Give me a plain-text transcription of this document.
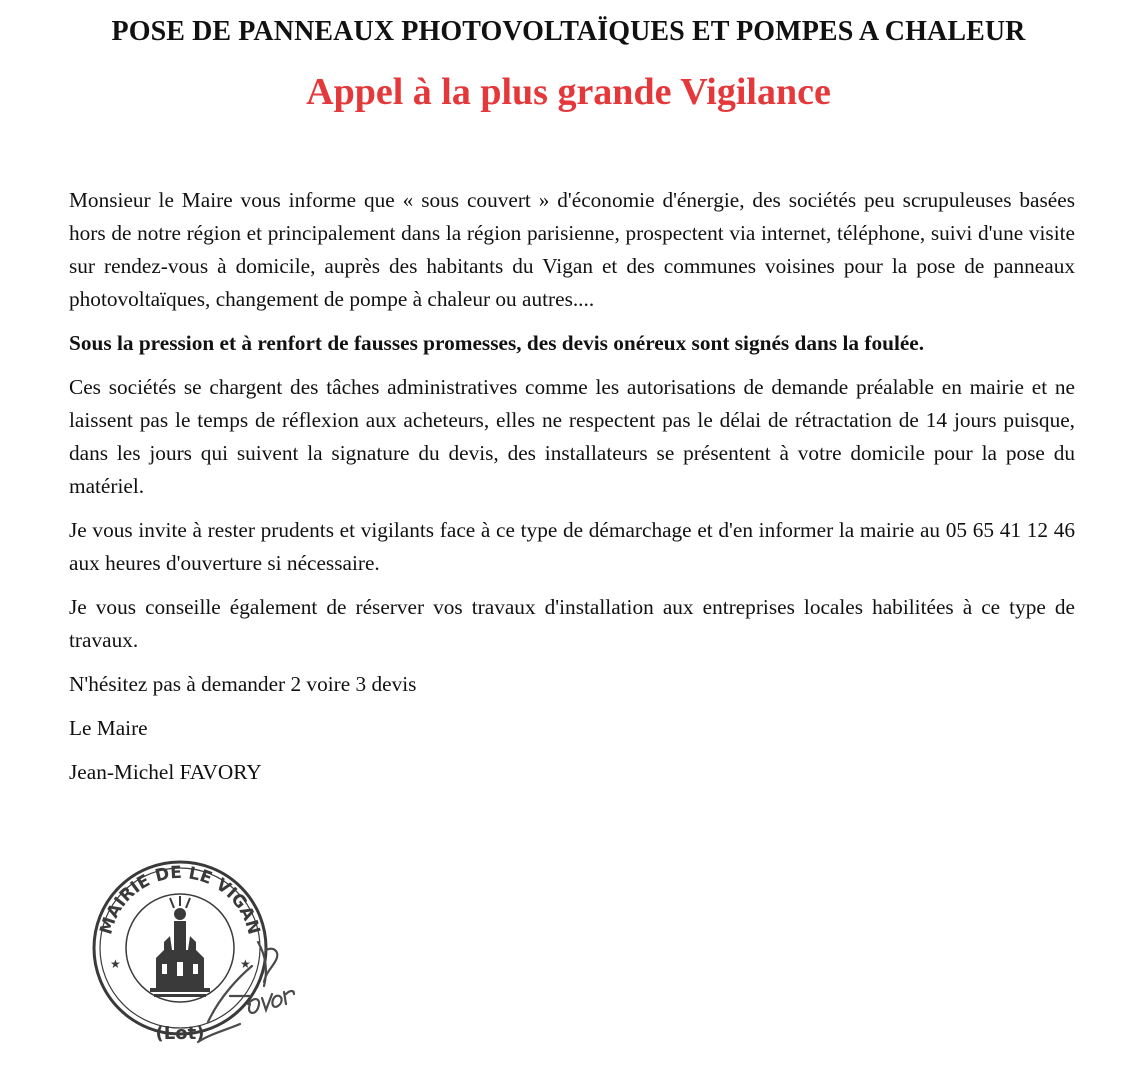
POSE DE PANNEAUX PHOTOVOLTAÏQUES ET POMPES A CHALEUR
Appel à la plus grande Vigilance

Monsieur le Maire vous informe que « sous couvert » d'économie d'énergie, des sociétés peu scrupuleuses basées hors de notre région et principalement dans la région parisienne, prospectent via internet, téléphone, suivi d'une visite sur rendez-vous à domicile, auprès des habitants du Vigan et des communes voisines pour la pose de panneaux photovoltaïques, changement de pompe à chaleur ou autres....

Sous la pression et à renfort de fausses promesses, des devis onéreux sont signés dans la foulée.

Ces sociétés se chargent des tâches administratives comme les autorisations de demande préalable en mairie et ne laissent pas le temps de réflexion aux acheteurs, elles ne respectent pas le délai de rétractation de 14 jours puisque, dans les jours qui suivent la signature du devis, des installateurs se présentent à votre domicile pour la pose du matériel.

Je vous invite à rester prudents et vigilants face à ce type de démarchage et d'en informer la mairie au 05 65 41 12 46 aux heures d'ouverture si nécessaire.

Je vous conseille également de réserver vos travaux d'installation aux entreprises locales habilitées à ce type de travaux.

N'hésitez pas à demander 2 voire 3 devis

Le Maire

Jean-Michel FAVORY

MAIRIE DE LE VIGAN
★	★
(Lot)
